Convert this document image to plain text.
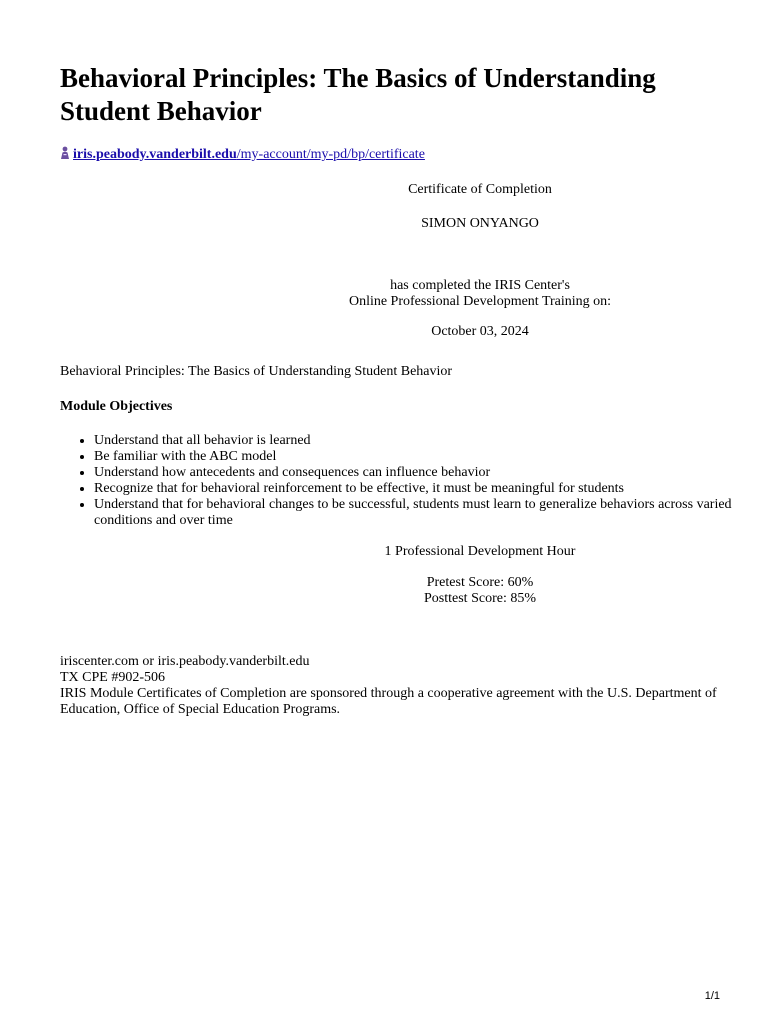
Behavioral Principles: The Basics of Understanding Student Behavior
iris.peabody.vanderbilt.edu/my-account/my-pd/bp/certificate
Certificate of Completion
SIMON ONYANGO
has completed the IRIS Center's
Online Professional Development Training on:
October 03, 2024
Behavioral Principles: The Basics of Understanding Student Behavior
Module Objectives
• Understand that all behavior is learned
• Be familiar with the ABC model
• Understand how antecedents and consequences can influence behavior
• Recognize that for behavioral reinforcement to be effective, it must be meaningful for students
• Understand that for behavioral changes to be successful, students must learn to generalize behaviors across varied conditions and over time
1 Professional Development Hour
Pretest Score: 60%
Posttest Score: 85%
iriscenter.com or iris.peabody.vanderbilt.edu
TX CPE #902-506
IRIS Module Certificates of Completion are sponsored through a cooperative agreement with the U.S. Department of Education, Office of Special Education Programs.
1/1
